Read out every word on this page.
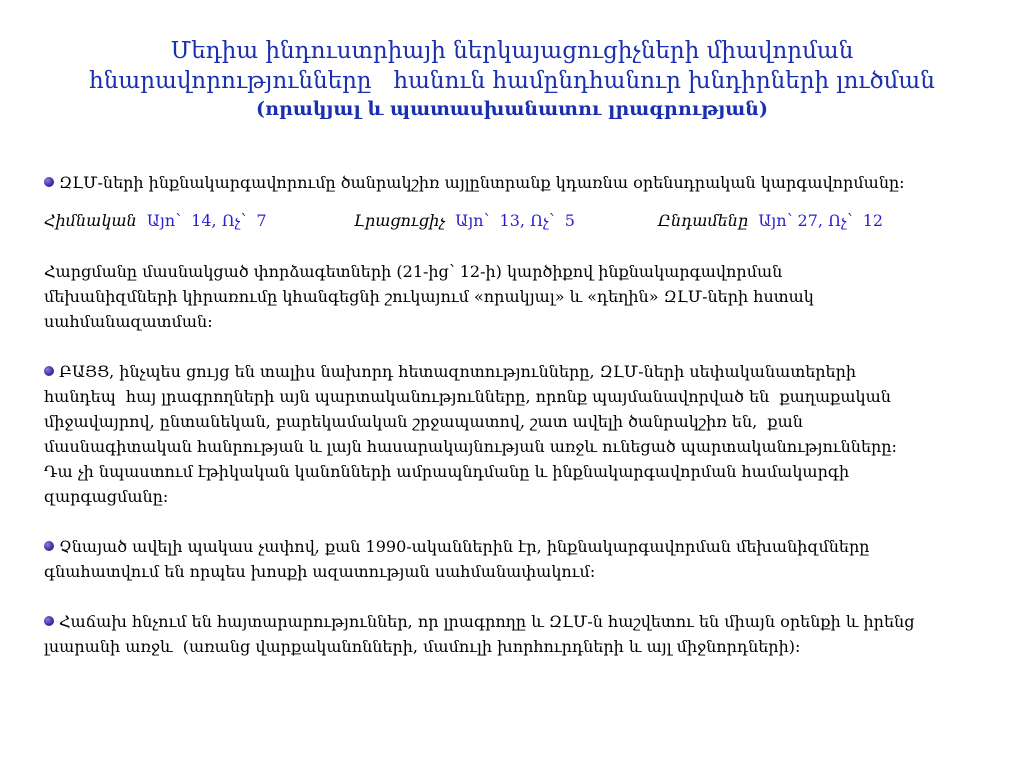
Մեդիա ինդուստրիայի ներկայացուցիչների միավորման
հնարավորությունները   հանուն համընդհանուր խնդիրների լուծման
(որակյալ և պատասխանատու լրագրության)
ԶԼՄ-ների ինքնակարգավորումը ծանրակշիռ այլընտրանք կդառնա օրենսդրական կարգավորմանը։
Հիմնական Այո՝  14, Ոչ՝  7	Լրացուցիչ Այո՝  13, Ոչ՝  5	Ընդամենը Այո՝ 27, Ոչ՝  12
Հարցմանը մասնակցած փորձագետների (21-ից՝ 12-ի) կարծիքով ինքնակարգավորման
մեխանիզմների կիրառումը կհանգեցնի շուկայում «որակյալ» և «դեղին» ԶԼՄ-ների հստակ
սահմանազատման։
ԲԱՅՑ, ինչպես ցույց են տալիս նախորդ հետազոտությունները, ԶԼՄ-ների սեփականատերերի
հանդեպ  հայ լրագրողների այն պարտականությունները, որոնք պայմանավորված են  քաղաքական
միջավայրով, ընտանեկան, բարեկամական շրջապատով, շատ ավելի ծանրակշիռ են,  քան
մասնագիտական հանրության և լայն հասարակայնության առջև ունեցած պարտականությունները։
Դա չի նպաստում էթիկական կանոնների ամրապնդմանը և ինքնակարգավորման համակարգի
զարգացմանը։
Չնայած ավելի պակաս չափով, քան 1990-ականներին էր, ինքնակարգավորման մեխանիզմները
գնահատվում են որպես խոսքի ազատության սահմանափակում։
Հաճախ հնչում են հայտարարություններ, որ լրագրողը և ԶԼՄ-ն հաշվետու են միայն օրենքի և իրենց
լսարանի առջև  (առանց վարքականոնների, մամուլի խորհուրդների և այլ միջնորդների)։
